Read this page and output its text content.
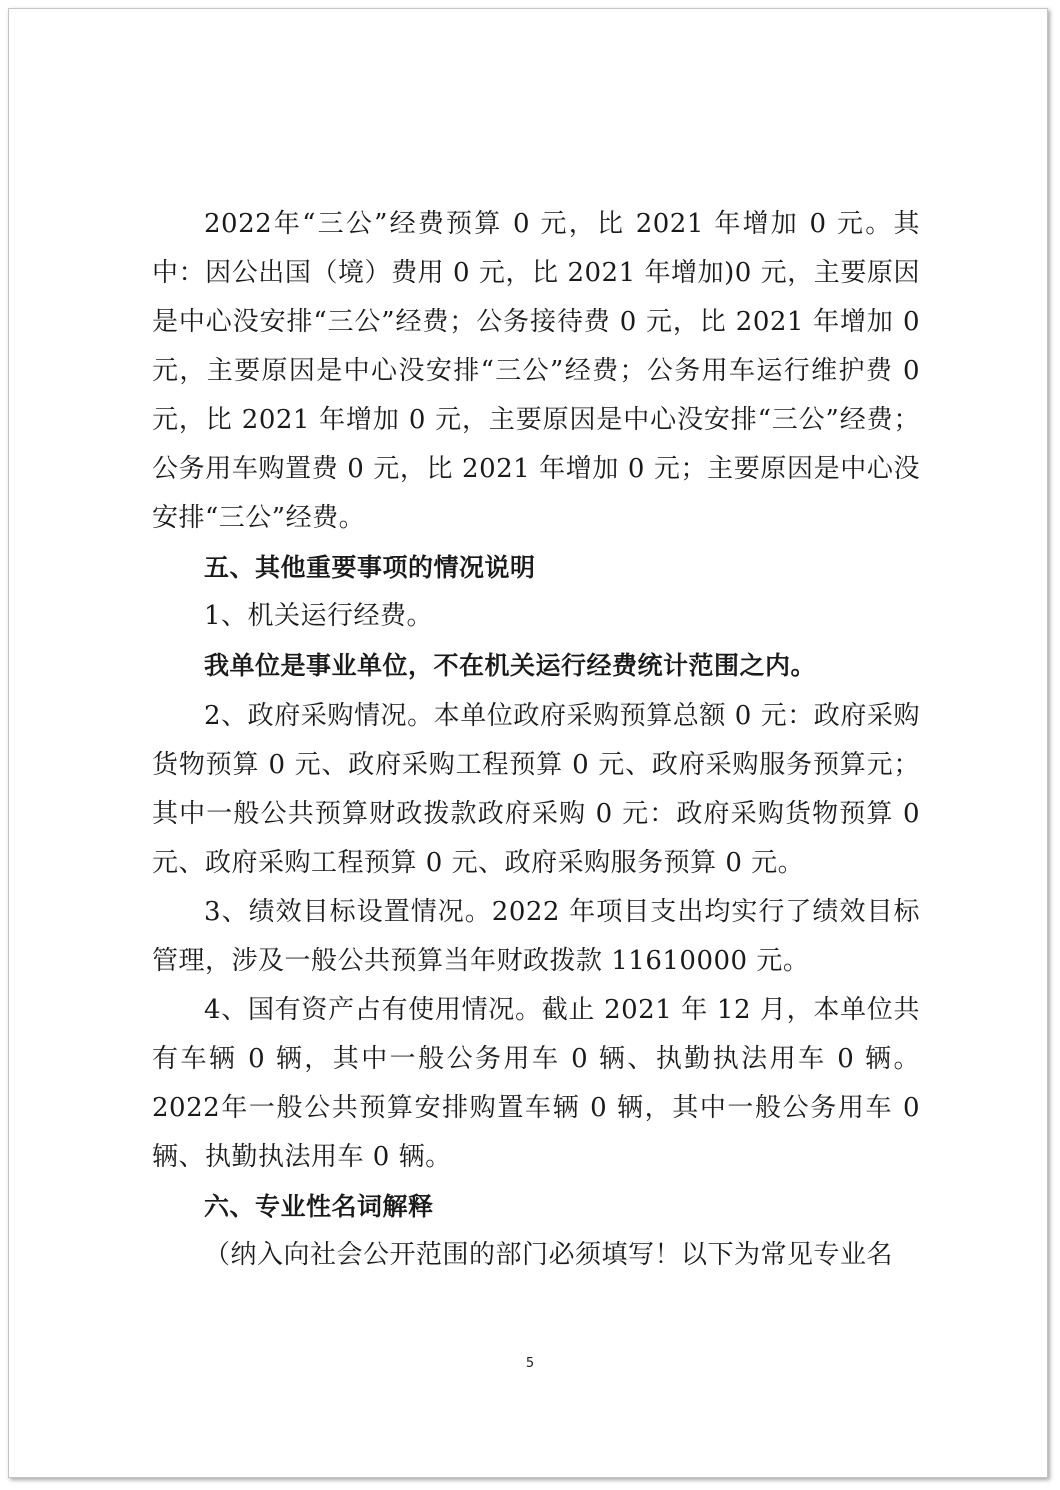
2022年“三公”经费预算 0 元，比 2021 年增加 0 元。其中：因公出国（境）费用 0 元，比 2021 年增加)0 元，主要原因是中心没安排“三公”经费；公务接待费 0 元，比 2021 年增加 0 元，主要原因是中心没安排“三公”经费；公务用车运行维护费 0 元，比 2021 年增加 0 元，主要原因是中心没安排“三公”经费；公务用车购置费 0 元，比 2021 年增加 0 元；主要原因是中心没安排“三公”经费。

五、其他重要事项的情况说明

1、机关运行经费。

我单位是事业单位，不在机关运行经费统计范围之内。

2、政府采购情况。本单位政府采购预算总额 0 元：政府采购货物预算 0 元、政府采购工程预算 0 元、政府采购服务预算元；其中一般公共预算财政拨款政府采购 0 元：政府采购货物预算 0元、政府采购工程预算 0 元、政府采购服务预算 0 元。

3、绩效目标设置情况。2022 年项目支出均实行了绩效目标管理，涉及一般公共预算当年财政拨款 11610000 元。

4、国有资产占有使用情况。截止 2021 年 12 月，本单位共有车辆 0 辆，其中一般公务用车 0 辆、执勤执法用车 0 辆。2022年一般公共预算安排购置车辆 0 辆，其中一般公务用车 0 辆、执勤执法用车 0 辆。

六、专业性名词解释

（纳入向社会公开范围的部门必须填写！以下为常见专业名

5
